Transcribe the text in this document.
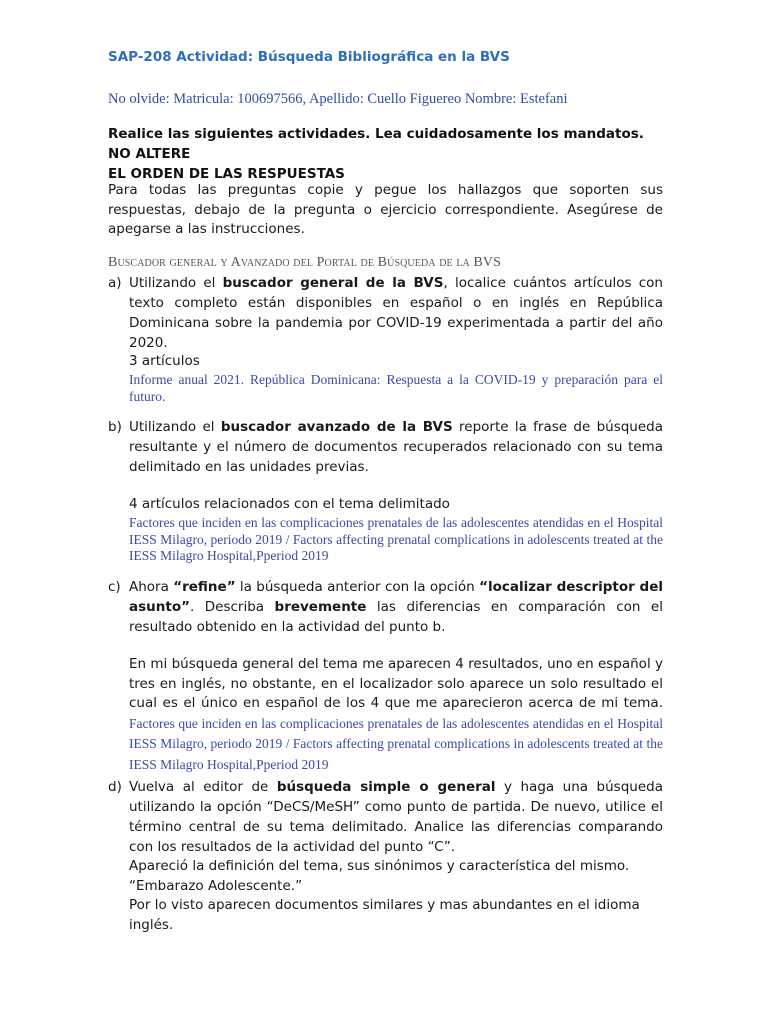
SAP-208 Actividad: Búsqueda Bibliográfica en la BVS
No olvide: Matricula: 100697566, Apellido: Cuello Figuereo Nombre: Estefani
Realice las siguientes actividades. Lea cuidadosamente los mandatos. NO ALTERE
EL ORDEN DE LAS RESPUESTAS
Para todas las preguntas copie y pegue los hallazgos que soporten sus respuestas, debajo de la pregunta o ejercicio correspondiente. Asegúrese de apegarse a las instrucciones.
Buscador general y Avanzado del Portal de Búsqueda de la BVS
a) Utilizando el buscador general de la BVS, localice cuántos artículos con texto completo están disponibles en español o en inglés en República Dominicana sobre la pandemia por COVID-19 experimentada a partir del año 2020.
3 artículos
Informe anual 2021. República Dominicana: Respuesta a la COVID-19 y preparación para el futuro.
b) Utilizando el buscador avanzado de la BVS reporte la frase de búsqueda resultante y el número de documentos recuperados relacionado con su tema delimitado en las unidades previas.
4 artículos relacionados con el tema delimitado
Factores que inciden en las complicaciones prenatales de las adolescentes atendidas en el Hospital IESS Milagro, periodo 2019 / Factors affecting prenatal complications in adolescents treated at the IESS Milagro Hospital,Pperiod 2019
c) Ahora “refine” la búsqueda anterior con la opción “localizar descriptor del asunto”. Describa brevemente las diferencias en comparación con el resultado obtenido en la actividad del punto b.
En mi búsqueda general del tema me aparecen 4 resultados, uno en español y tres en inglés, no obstante, en el localizador solo aparece un solo resultado el cual es el único en español de los 4 que me aparecieron acerca de mi tema. Factores que inciden en las complicaciones prenatales de las adolescentes atendidas en el Hospital IESS Milagro, periodo 2019 / Factors affecting prenatal complications in adolescents treated at the IESS Milagro Hospital,Pperiod 2019
d) Vuelva al editor de búsqueda simple o general y haga una búsqueda utilizando la opción “DeCS/MeSH” como punto de partida. De nuevo, utilice el término central de su tema delimitado. Analice las diferencias comparando con los resultados de la actividad del punto “C”.
Apareció la definición del tema, sus sinónimos y característica del mismo.
“Embarazo Adolescente.”
Por lo visto aparecen documentos similares y mas abundantes en el idioma inglés.
